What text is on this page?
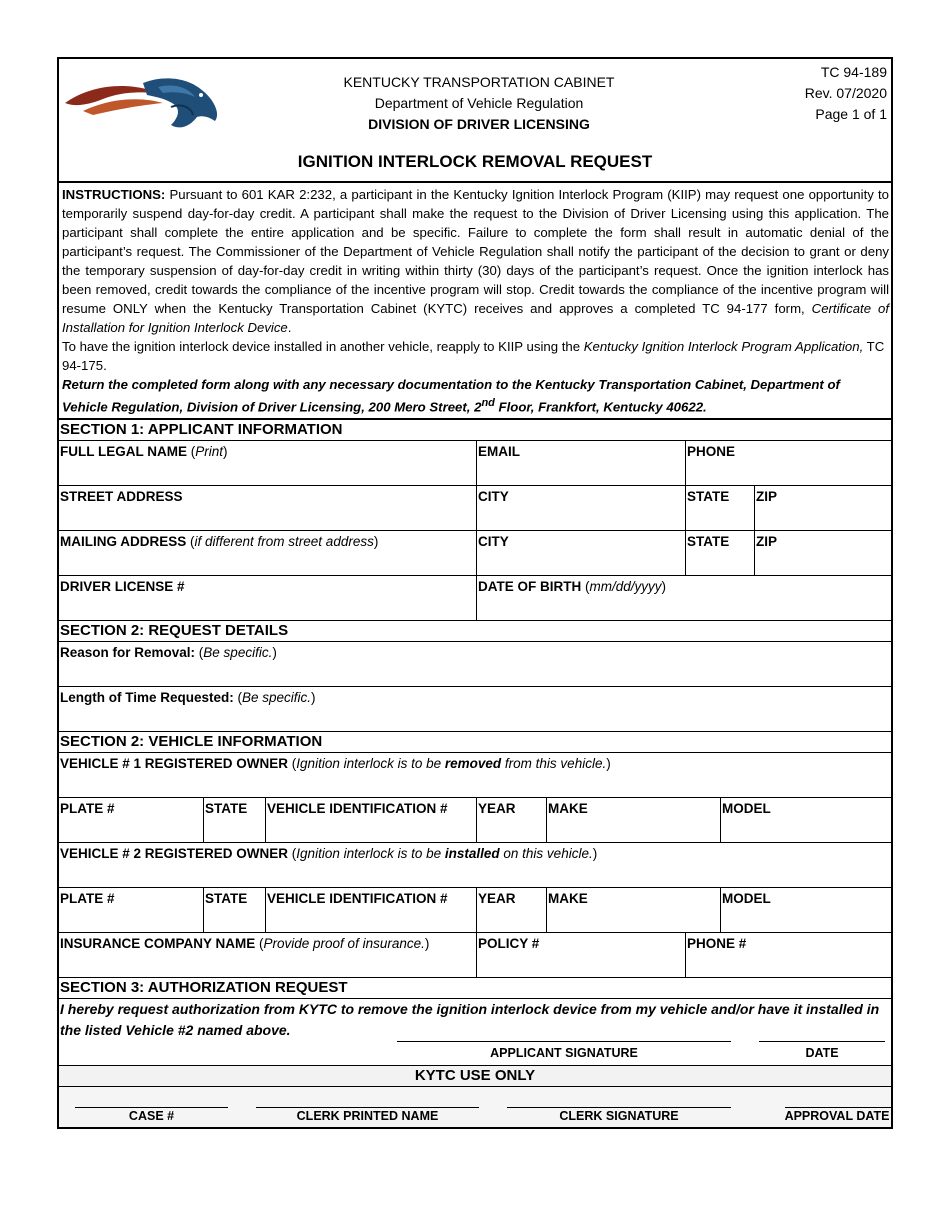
KENTUCKY TRANSPORTATION CABINET
Department of Vehicle Regulation
DIVISION OF DRIVER LICENSING
TC 94-189
Rev. 07/2020
Page 1 of 1
IGNITION INTERLOCK REMOVAL REQUEST
INSTRUCTIONS: Pursuant to 601 KAR 2:232, a participant in the Kentucky Ignition Interlock Program (KIIP) may request one opportunity to temporarily suspend day-for-day credit. A participant shall make the request to the Division of Driver Licensing using this application. The participant shall complete the entire application and be specific. Failure to complete the form shall result in automatic denial of the participant’s request. The Commissioner of the Department of Vehicle Regulation shall notify the participant of the decision to grant or deny the temporary suspension of day-for-day credit in writing within thirty (30) days of the participant’s request. Once the ignition interlock has been removed, credit towards the compliance of the incentive program will stop. Credit towards the compliance of the incentive program will resume ONLY when the Kentucky Transportation Cabinet (KYTC) receives and approves a completed TC 94-177 form, Certificate of Installation for Ignition Interlock Device.
To have the ignition interlock device installed in another vehicle, reapply to KIIP using the Kentucky Ignition Interlock Program Application, TC 94-175.
Return the completed form along with any necessary documentation to the Kentucky Transportation Cabinet, Department of Vehicle Regulation, Division of Driver Licensing, 200 Mero Street, 2nd Floor, Frankfort, Kentucky 40622.
SECTION 1: APPLICANT INFORMATION
FULL LEGAL NAME (Print)	EMAIL	PHONE
STREET ADDRESS	CITY	STATE	ZIP
MAILING ADDRESS (if different from street address)	CITY	STATE	ZIP
DRIVER LICENSE #	DATE OF BIRTH (mm/dd/yyyy)
SECTION 2: REQUEST DETAILS
Reason for Removal: (Be specific.)
Length of Time Requested: (Be specific.)
SECTION 2: VEHICLE INFORMATION
VEHICLE # 1 REGISTERED OWNER (Ignition interlock is to be removed from this vehicle.)
PLATE #	STATE	VEHICLE IDENTIFICATION #	YEAR	MAKE	MODEL
VEHICLE # 2 REGISTERED OWNER (Ignition interlock is to be installed on this vehicle.)
PLATE #	STATE	VEHICLE IDENTIFICATION #	YEAR	MAKE	MODEL
INSURANCE COMPANY NAME (Provide proof of insurance.)	POLICY #	PHONE #
SECTION 3: AUTHORIZATION REQUEST
I hereby request authorization from KYTC to remove the ignition interlock device from my vehicle and/or have it installed in the listed Vehicle #2 named above.
APPLICANT SIGNATURE	DATE
KYTC USE ONLY
CASE #	CLERK PRINTED NAME	CLERK SIGNATURE	APPROVAL DATE
